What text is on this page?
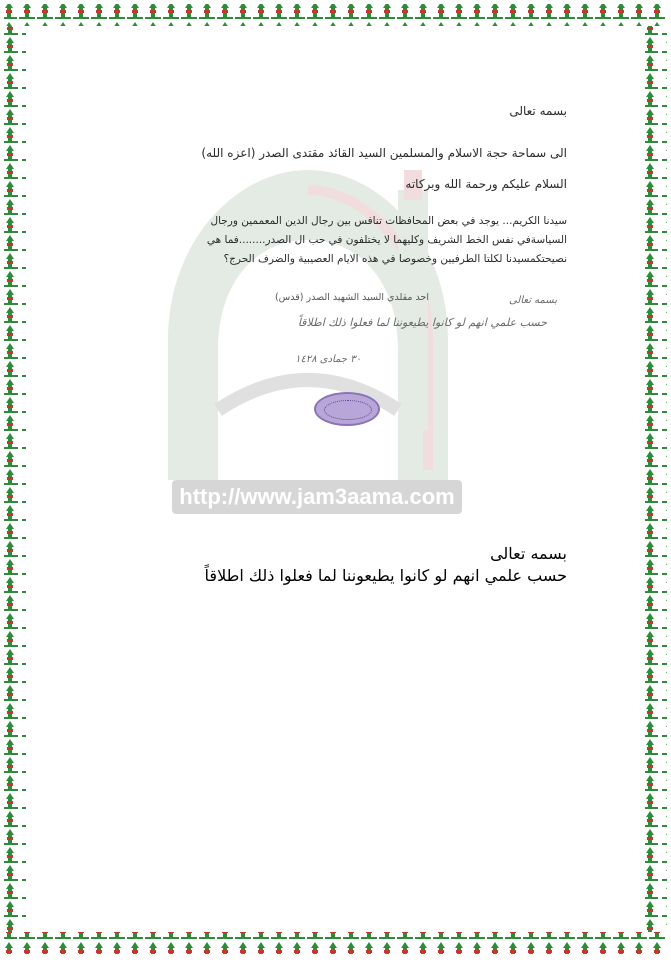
http://www.jam3aama.com
بسمه تعالى
الى سماحة حجة الاسلام والمسلمين السيد القائد مقتدى الصدر (اعزه الله)
السلام عليكم ورحمة الله وبركاته
سيدنا الكريم... يوجد في بعض المحافظات تنافس بين رجال الدين المعممين ورجال
السياسةفي نفس الخط الشريف وكليهما لا يختلفون في حب ال الصدر........فما هي
نصيحتكمسيدنا لكلتا الطرفيين وخصوصا في هذه الايام العصيبية والضرف الحرج؟
احد مقلدي السيد الشهيد الصدر (قدس)	بسمه تعالى
حسب علمي انهم لو كانوا يطيعوننا لما فعلوا ذلك اطلاقاً
٣٠ جمادى ١٤٢٨
بسمه تعالى
حسب علمي انهم لو كانوا يطيعوننا لما فعلوا ذلك اطلاقاً
